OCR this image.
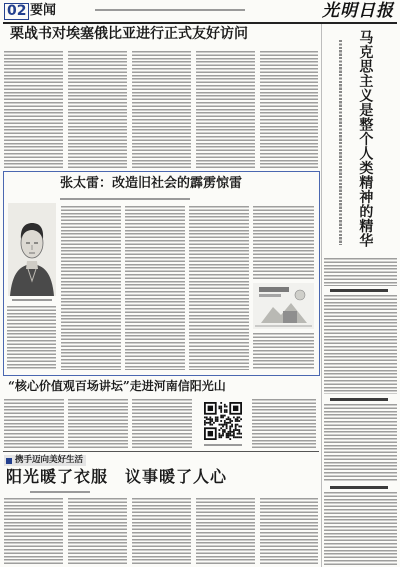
02 要闻	光明日报
栗战书对埃塞俄比亚进行正式友好访问
张太雷：改造旧社会的霹雳惊雷
“核心价值观百场讲坛”走进河南信阳光山
携手迈向美好生活
阳光暖了衣服　议事暖了人心
马克思主义是整个人类精神的精华
